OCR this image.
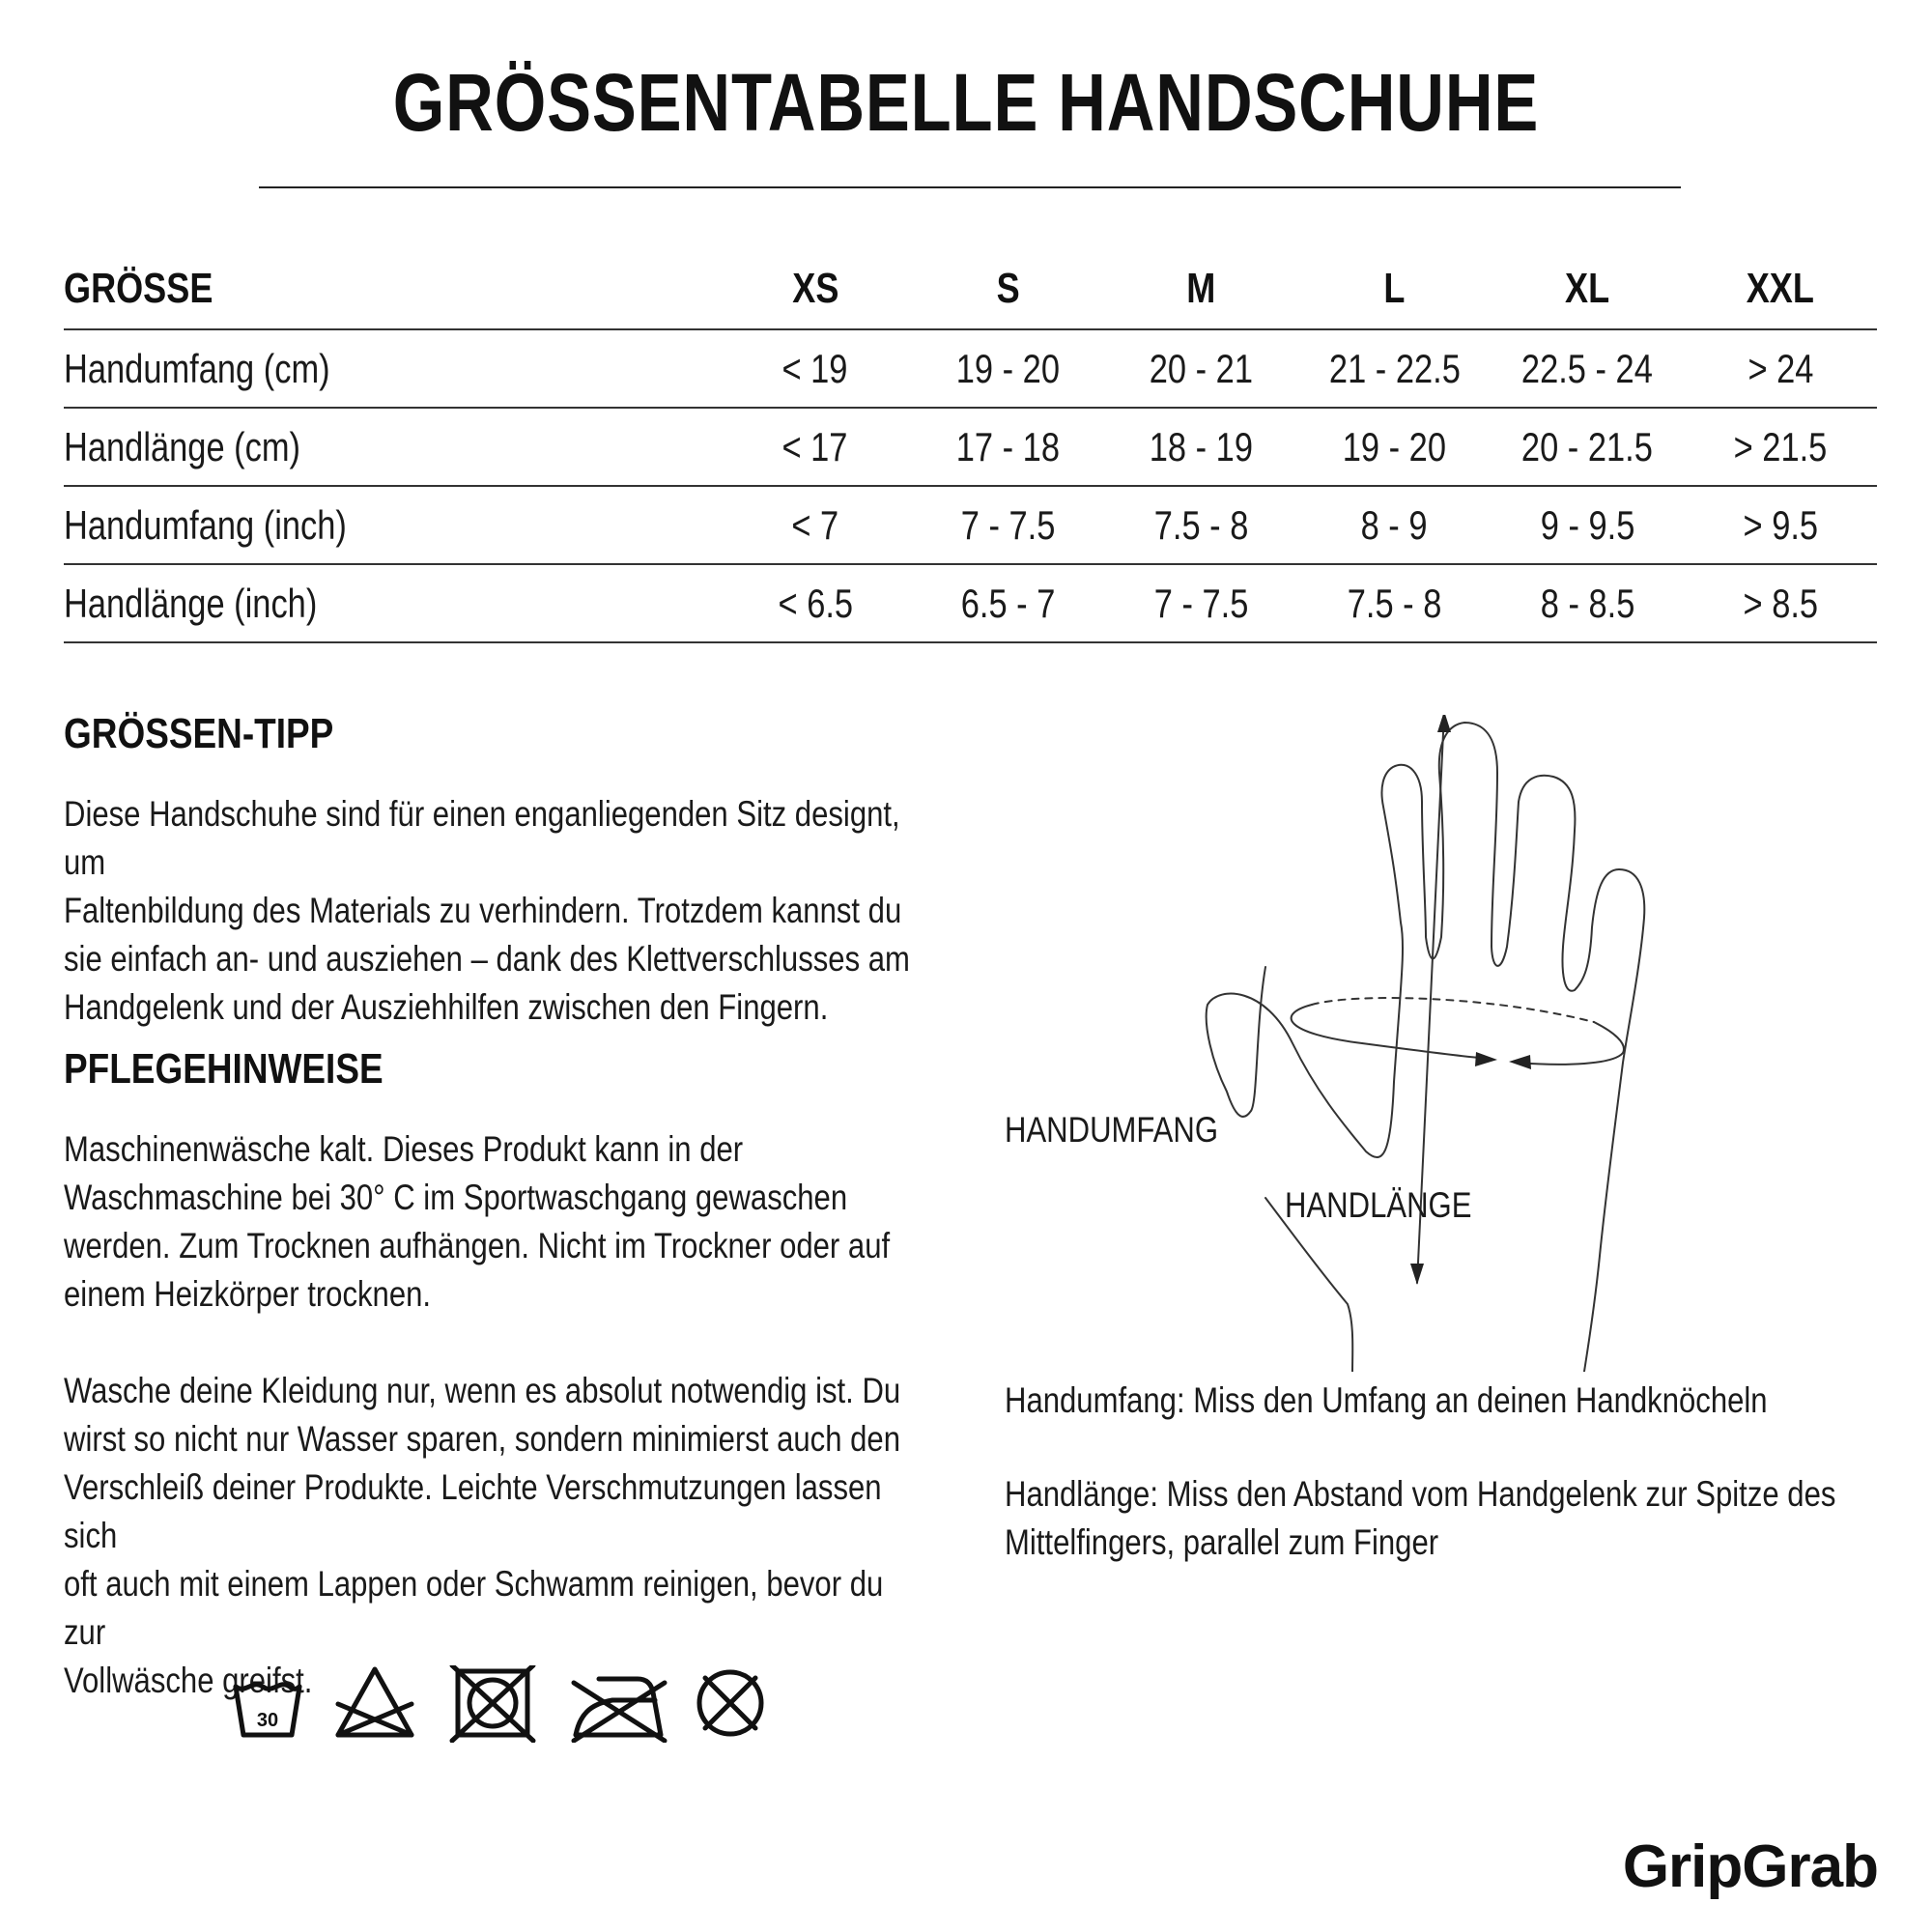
GRÖSSENTABELLE HANDSCHUHE
GRÖSSE	XS	S	M	L	XL	XXL
Handumfang (cm)	< 19	19 - 20	20 - 21	21 - 22.5	22.5 - 24	> 24
Handlänge (cm)	< 17	17 - 18	18 - 19	19 - 20	20 - 21.5	> 21.5
Handumfang (inch)	< 7	7 - 7.5	7.5 - 8	8 - 9	9 - 9.5	> 9.5
Handlänge (inch)	< 6.5	6.5 - 7	7 - 7.5	7.5 - 8	8 - 8.5	> 8.5
GRÖSSEN-TIPP

Diese Handschuhe sind für einen enganliegenden Sitz designt, um
Faltenbildung des Materials zu verhindern. Trotzdem kannst du
sie einfach an- und ausziehen – dank des Klettverschlusses am
Handgelenk und der Ausziehhilfen zwischen den Fingern.

PFLEGEHINWEISE

Maschinenwäsche kalt. Dieses Produkt kann in der
Waschmaschine bei 30° C im Sportwaschgang gewaschen
werden. Zum Trocknen aufhängen. Nicht im Trockner oder auf
einem Heizkörper trocknen.

Wasche deine Kleidung nur, wenn es absolut notwendig ist. Du
wirst so nicht nur Wasser sparen, sondern minimierst auch den
Verschleiß deiner Produkte. Leichte Verschmutzungen lassen sich
oft auch mit einem Lappen oder Schwamm reinigen, bevor du zur
Vollwäsche greifst.

HANDUMFANG
HANDLÄNGE

Handumfang: Miss den Umfang an deinen Handknöcheln

Handlänge: Miss den Abstand vom Handgelenk zur Spitze des
Mittelfingers, parallel zum Finger

30
GripGrab
